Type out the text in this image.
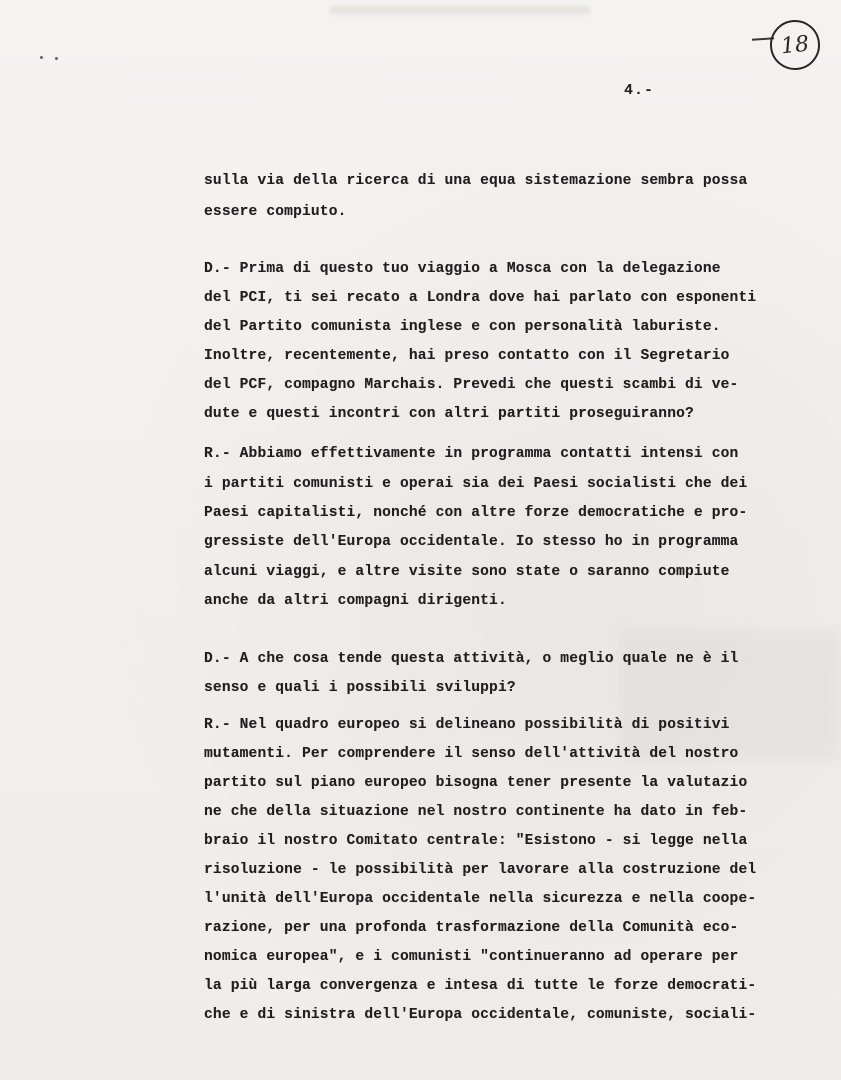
18
4.-
sulla via della ricerca di una equa sistemazione sembra possa
essere compiuto.
D.- Prima di questo tuo viaggio a Mosca con la delegazione
del PCI, ti sei recato a Londra dove hai parlato con esponenti
del Partito comunista inglese e con personalità laburiste.
Inoltre, recentemente, hai preso contatto con il Segretario
del PCF, compagno Marchais. Prevedi che questi scambi di ve-
dute e questi incontri con altri partiti proseguiranno?
R.- Abbiamo effettivamente in programma contatti intensi con
i partiti comunisti e operai sia dei Paesi socialisti che dei
Paesi capitalisti, nonché con altre forze democratiche e pro-
gressiste dell'Europa occidentale. Io stesso ho in programma
alcuni viaggi, e altre visite sono state o saranno compiute
anche da altri compagni dirigenti.
D.- A che cosa tende questa attività, o meglio quale ne è il
senso e quali i possibili sviluppi?
R.- Nel quadro europeo si delineano possibilità di positivi
mutamenti. Per comprendere il senso dell'attività del nostro
partito sul piano europeo bisogna tener presente la valutazio
ne che della situazione nel nostro continente ha dato in feb-
braio il nostro Comitato centrale: "Esistono - si legge nella
risoluzione - le possibilità per lavorare alla costruzione del
l'unità dell'Europa occidentale nella sicurezza e nella coope-
razione, per una profonda trasformazione della Comunità eco-
nomica europea", e i comunisti "continueranno ad operare per
la più larga convergenza e intesa di tutte le forze democrati-
che e di sinistra dell'Europa occidentale, comuniste, sociali-
